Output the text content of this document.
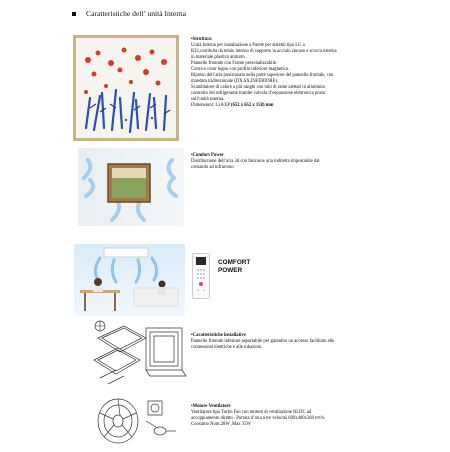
Caratteristiche dell’ unità Interna
•Struttura
Unità Interna per installazione a Parete per sistemi tipo LG a
R32,costituita da telaio interno di supporto in acciaio zincato e scocca esterna
in materiale plastico antiurto .
Pannello frontale con Frame personalizzabile.
Cornice color legno con profilo inferiore magnetico.
Ripreso dell’aria posizionata nella parte superiore del pannello frontale, con
mandata tridirezionale (DX,SX,INFERIORE).
Scambiatore di calore a più ranghi con tubi di rame alettati in alluminio
controllo del refrigerante tramite valvola d’espansione elettronica posta
sull’unità esterna.
Dimensioni: LxAXP (652 x 652 x 158) mm
•Comfort Power
Distribuzione dell’aria 3d con funzione aria indiretta impostabile dal
comando ad infrarosso
COMFORT
POWER
•Caratteristiche installative
Pannello frontale inferiore asportabile per garantire un accesso facilitato alle
connessioni elettriche e alle tubazioni.
•Motore Ventilatore
Ventilatore tipo Turbo Fan con motore di ventilazione BLDC ad
accoppiamento diretto . Portata d’aria a tre velocità 600x400x360 m³/h.
Consumo Nom.28W ,Max 35W
